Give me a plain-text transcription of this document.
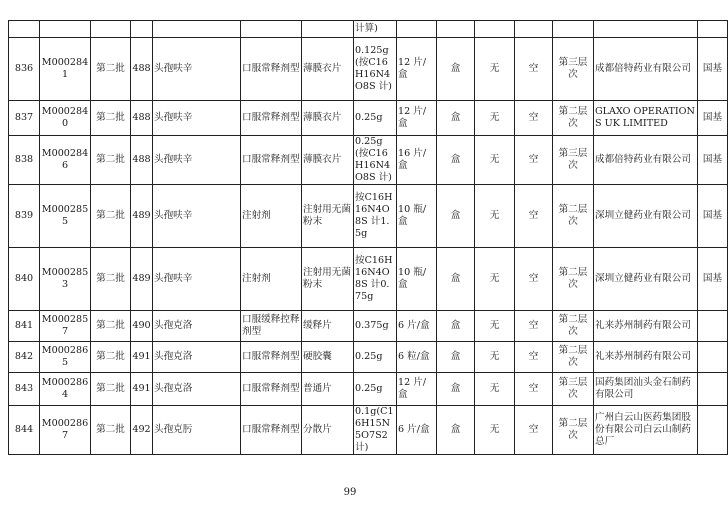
							计算)							
836	M0002841	第二批	488	头孢呋辛	口服常释剂型	薄膜衣片	0.125g(按C16H16N4O8S 计)	12 片/盒	盒	无	空	第三层次	成都倍特药业有限公司	国基
837	M0002840	第二批	488	头孢呋辛	口服常释剂型	薄膜衣片	0.25g	12 片/盒	盒	无	空	第二层次	GLAXO OPERATIONS UK LIMITED	国基
838	M0002846	第二批	488	头孢呋辛	口服常释剂型	薄膜衣片	0.25g(按C16H16N4O8S 计)	16 片/盒	盒	无	空	第三层次	成都倍特药业有限公司	国基
839	M0002855	第二批	489	头孢呋辛	注射剂	注射用无菌粉末	按C16H16N4O8S 计1.5g	10 瓶/盒	盒	无	空	第二层次	深圳立健药业有限公司	国基
840	M0002853	第二批	489	头孢呋辛	注射剂	注射用无菌粉末	按C16H16N4O8S 计0.75g	10 瓶/盒	盒	无	空	第二层次	深圳立健药业有限公司	国基
841	M0002857	第二批	490	头孢克洛	口服缓释控释剂型	缓释片	0.375g	6 片/盒	盒	无	空	第二层次	礼来苏州制药有限公司	
842	M0002865	第二批	491	头孢克洛	口服常释剂型	硬胶囊	0.25g	6 粒/盒	盒	无	空	第二层次	礼来苏州制药有限公司	
843	M0002864	第二批	491	头孢克洛	口服常释剂型	普通片	0.25g	12 片/盒	盒	无	空	第三层次	国药集团汕头金石制药有限公司	
844	M0002867	第二批	492	头孢克肟	口服常释剂型	分散片	0.1g(C16H15N5O7S2 计)	6 片/盒	盒	无	空	第二层次	广州白云山医药集团股份有限公司白云山制药总厂	
99
